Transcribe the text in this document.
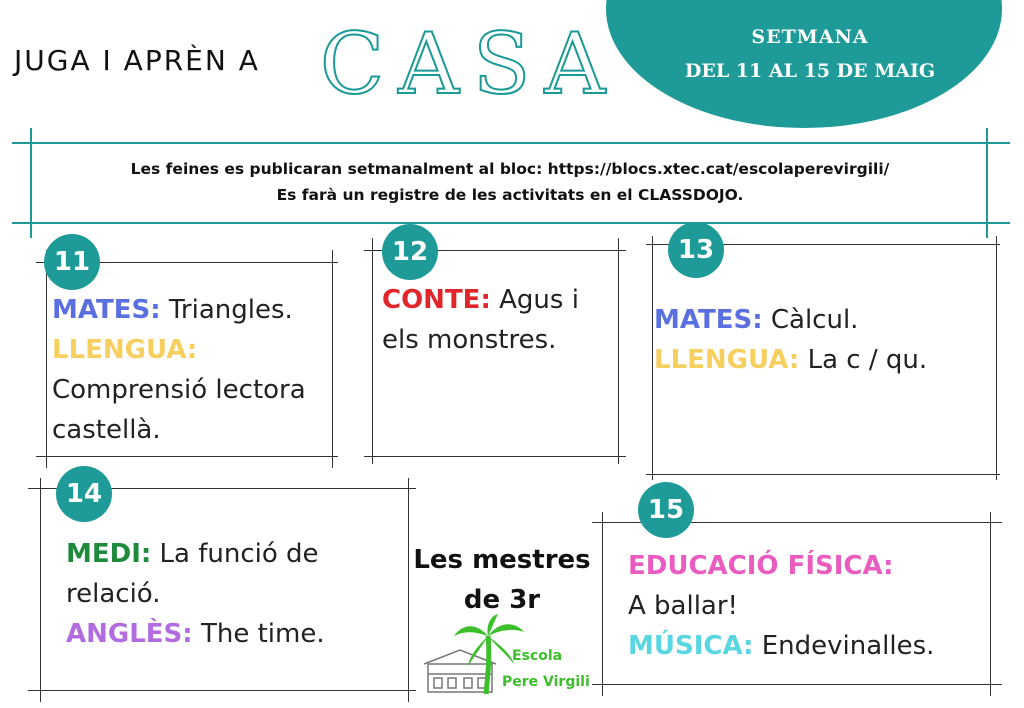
JUGA I APRÈN A CASA	SETMANA
DEL 11 AL 15 DE MAIG
Les feines es publicaran setmanalment al bloc: https://blocs.xtec.cat/escolaperevirgili/
Es farà un registre de les activitats en el CLASSDOJO.
11
MATES: Triangles.
LLENGUA:
Comprensió lectora castellà.
12
CONTE: Agus i els monstres.
13
MATES: Càlcul.
LLENGUA: La c / qu.
14
MEDI: La funció de relació.
ANGLÈS: The time.
15
EDUCACIÓ FÍSICA:
A ballar!
MÚSICA: Endevinalles.
Les mestres
de 3r
Escola
Pere Virgili
